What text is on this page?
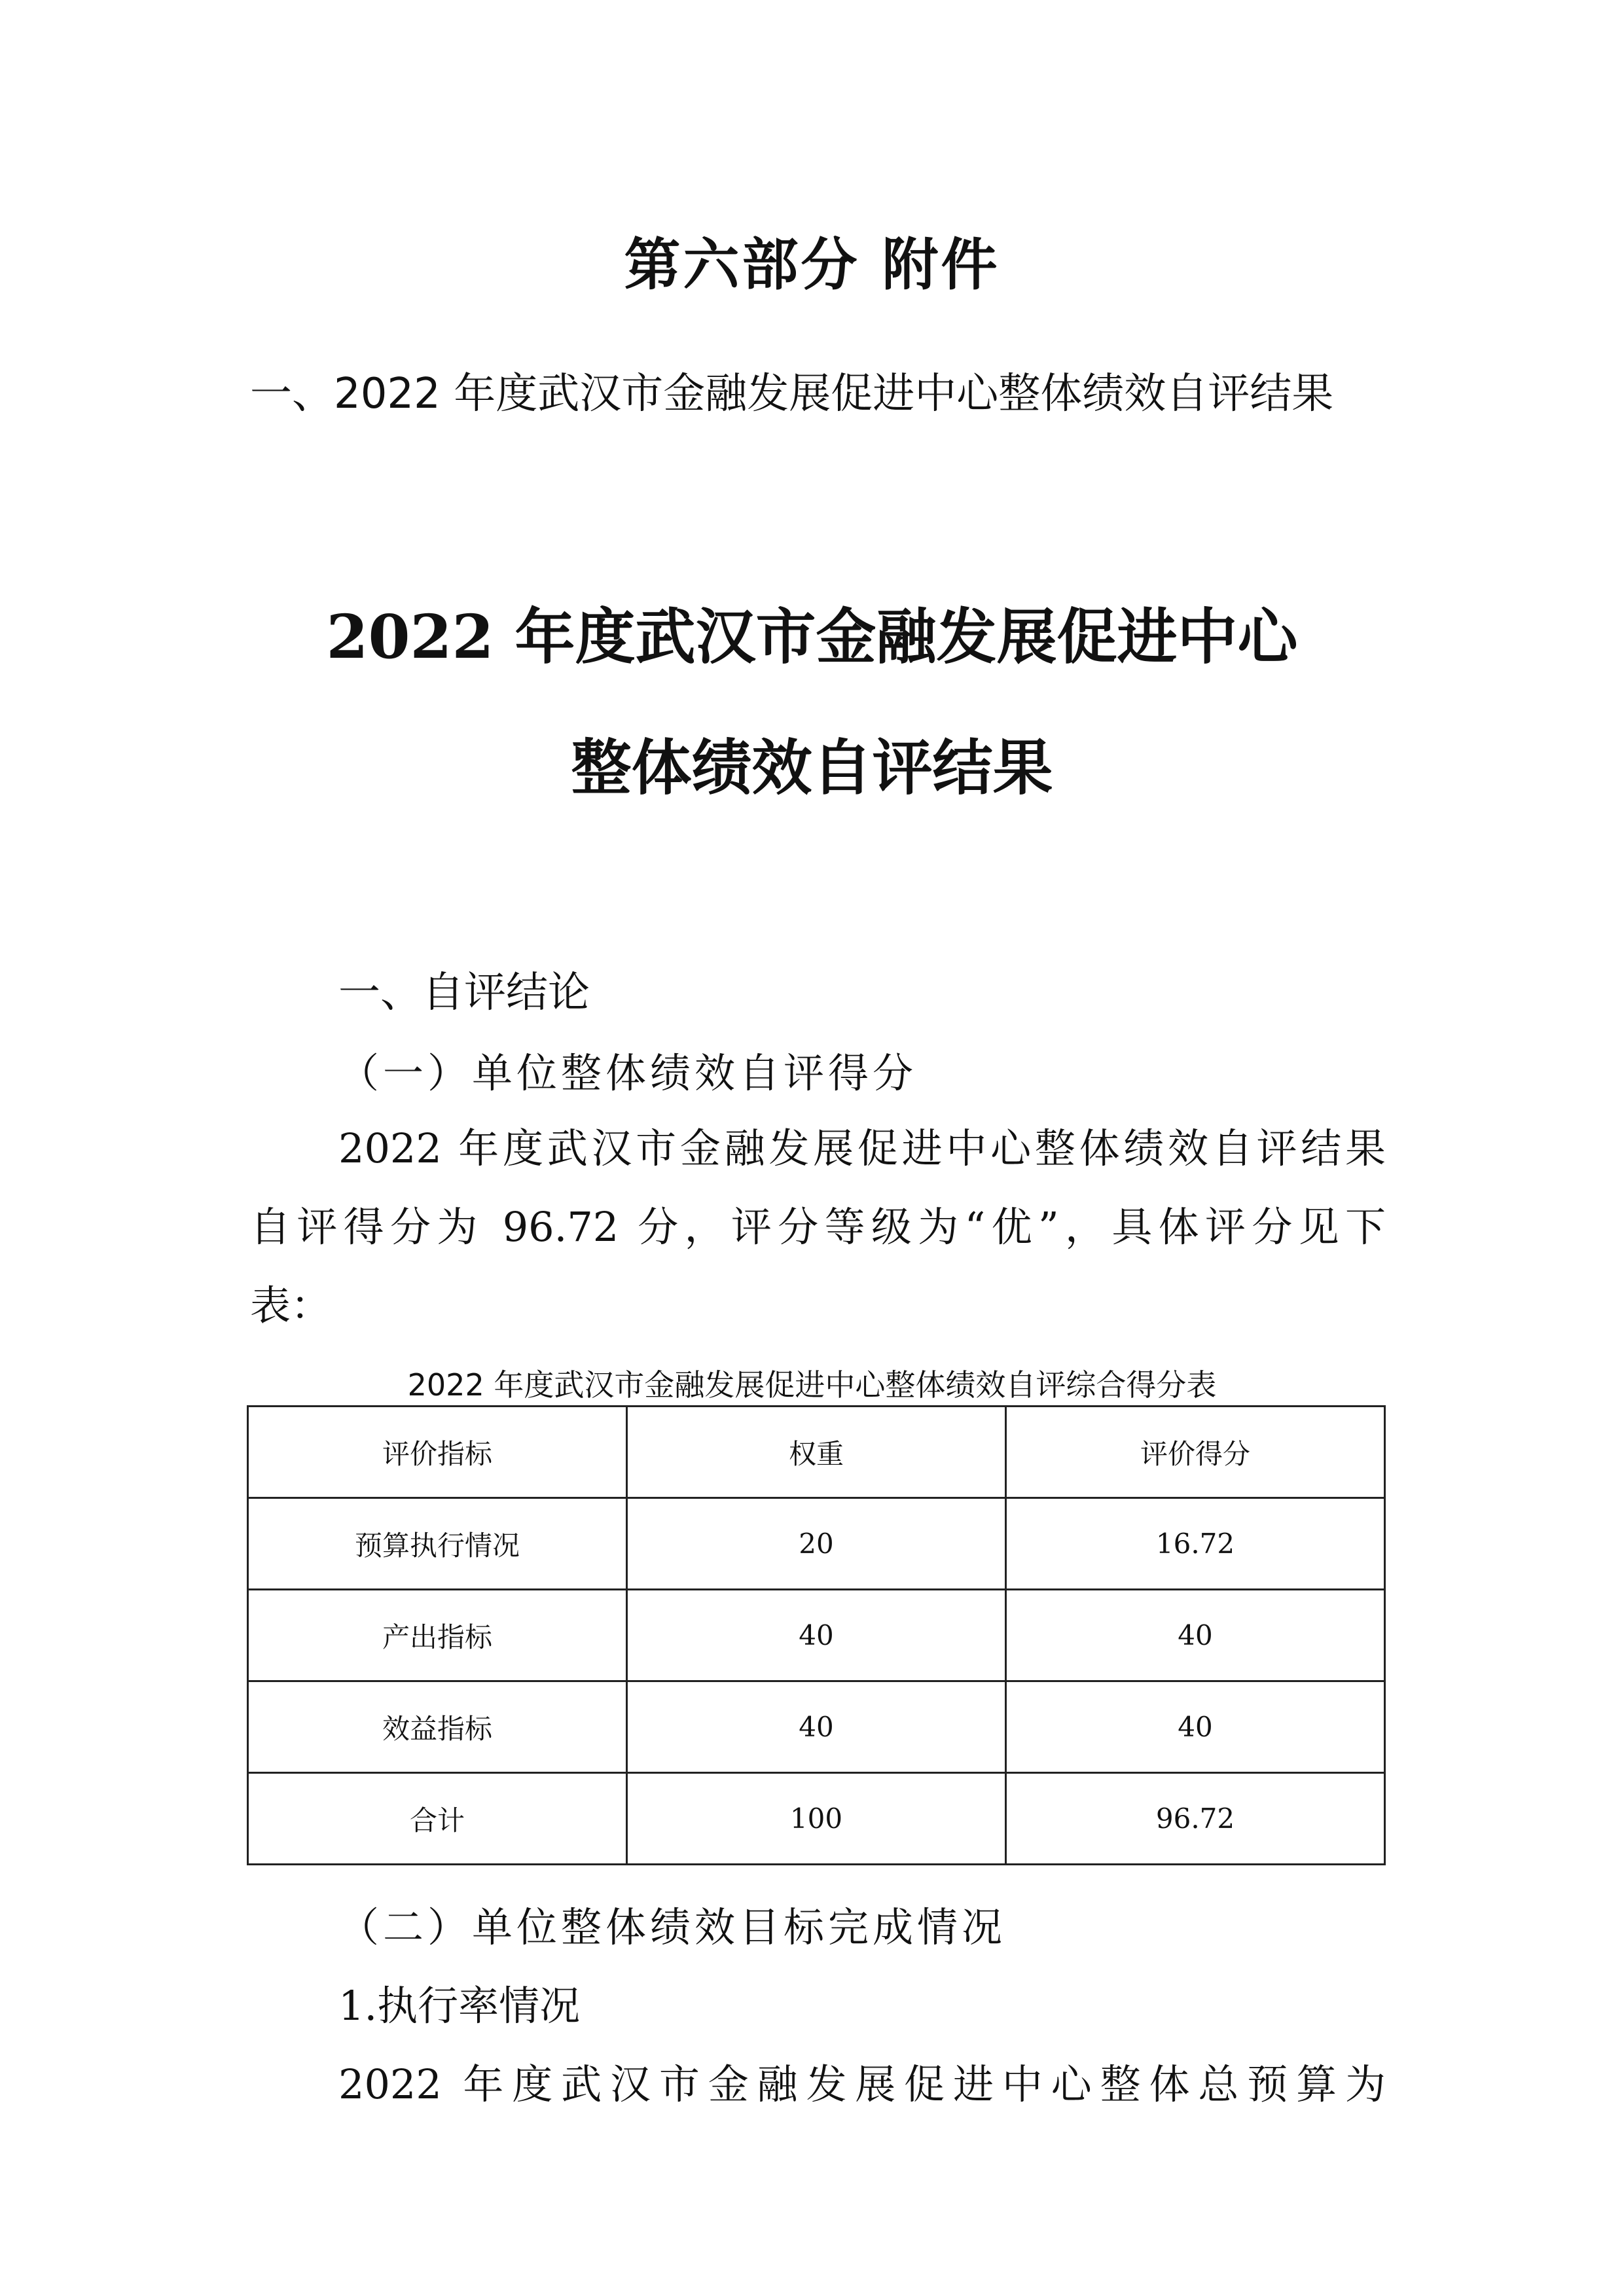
第六部分 附件
一、2022 年度武汉市金融发展促进中心整体绩效自评结果
2022 年度武汉市金融发展促进中心
整体绩效自评结果
一、自评结论
（一）单位整体绩效自评得分
2022 年度武汉市金融发展促进中心整体绩效自评结果
自评得分为 96.72 分，评分等级为“优”，具体评分见下
表：
2022 年度武汉市金融发展促进中心整体绩效自评综合得分表
评价指标	权重	评价得分
预算执行情况	20	16.72
产出指标	40	40
效益指标	40	40
合计	100	96.72
（二）单位整体绩效目标完成情况
1.执行率情况
2022 年度武汉市金融发展促进中心整体总预算为
